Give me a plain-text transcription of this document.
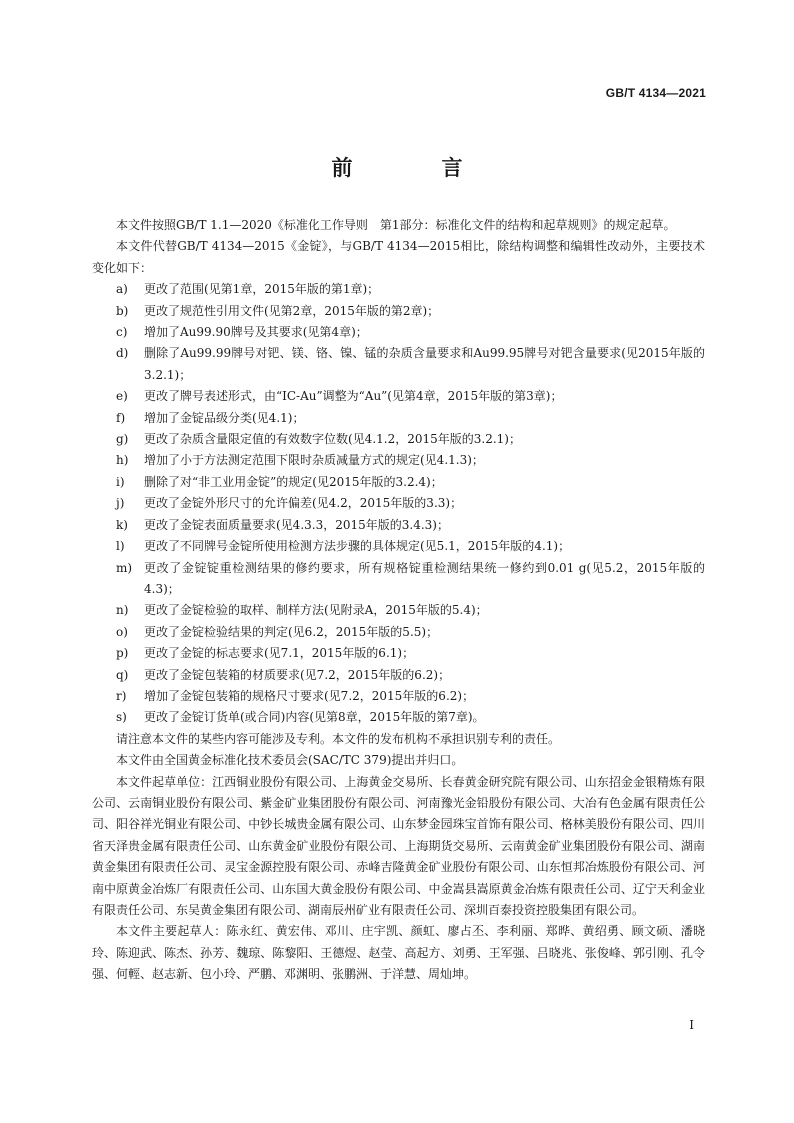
GB/T 4134—2021
前　言

本文件按照GB/T 1.1—2020《标准化工作导则　第1部分：标准化文件的结构和起草规则》的规定起草。

本文件代替GB/T 4134—2015《金锭》，与GB/T 4134—2015相比，除结构调整和编辑性改动外，主要技术变化如下：

a)	更改了范围(见第1章，2015年版的第1章)；
b)	更改了规范性引用文件(见第2章，2015年版的第2章)；
c)	增加了Au99.90牌号及其要求(见第4章)；
d)	删除了Au99.99牌号对钯、镁、铬、镍、锰的杂质含量要求和Au99.95牌号对钯含量要求(见2015年版的3.2.1)；
e)	更改了牌号表述形式，由“IC-Au”调整为“Au”(见第4章，2015年版的第3章)；
f)	增加了金锭品级分类(见4.1)；
g)	更改了杂质含量限定值的有效数字位数(见4.1.2，2015年版的3.2.1)；
h)	增加了小于方法测定范围下限时杂质减量方式的规定(见4.1.3)；
i)	删除了对“非工业用金锭”的规定(见2015年版的3.2.4)；
j)	更改了金锭外形尺寸的允许偏差(见4.2，2015年版的3.3)；
k)	更改了金锭表面质量要求(见4.3.3，2015年版的3.4.3)；
l)	更改了不同牌号金锭所使用检测方法步骤的具体规定(见5.1，2015年版的4.1)；
m) 更改了金锭锭重检测结果的修约要求，所有规格锭重检测结果统一修约到0.01 g(见5.2，2015年版的4.3)；
n)	更改了金锭检验的取样、制样方法(见附录A，2015年版的5.4)；
o)	更改了金锭检验结果的判定(见6.2，2015年版的5.5)；
p)	更改了金锭的标志要求(见7.1，2015年版的6.1)；
q)	更改了金锭包装箱的材质要求(见7.2，2015年版的6.2)；
r)	增加了金锭包装箱的规格尺寸要求(见7.2，2015年版的6.2)；
s)	更改了金锭订货单(或合同)内容(见第8章，2015年版的第7章)。

请注意本文件的某些内容可能涉及专利。本文件的发布机构不承担识别专利的责任。

本文件由全国黄金标准化技术委员会(SAC/TC 379)提出并归口。

本文件起草单位：江西铜业股份有限公司、上海黄金交易所、长春黄金研究院有限公司、山东招金金银精炼有限公司、云南铜业股份有限公司、紫金矿业集团股份有限公司、河南豫光金铅股份有限公司、大冶有色金属有限责任公司、阳谷祥光铜业有限公司、中钞长城贵金属有限公司、山东梦金园珠宝首饰有限公司、格林美股份有限公司、四川省天泽贵金属有限责任公司、山东黄金矿业股份有限公司、上海期货交易所、云南黄金矿业集团股份有限公司、湖南黄金集团有限责任公司、灵宝金源控股有限公司、赤峰吉隆黄金矿业股份有限公司、山东恒邦冶炼股份有限公司、河南中原黄金冶炼厂有限责任公司、山东国大黄金股份有限公司、中金嵩县嵩原黄金冶炼有限责任公司、辽宁天利金业有限责任公司、东吴黄金集团有限公司、湖南辰州矿业有限责任公司、深圳百泰投资控股集团有限公司。

本文件主要起草人：陈永红、黄宏伟、邓川、庄宇凯、颜虹、廖占丕、李利丽、郑晔、黄绍勇、顾文硕、潘晓玲、陈迎武、陈杰、孙芳、魏琼、陈黎阳、王德煜、赵莹、高起方、刘勇、王军强、吕晓兆、张俊峰、郭引刚、孔令强、何輕、赵志新、包小玲、严鹏、邓渊明、张鹏洲、于洋慧、周灿坤。

I
